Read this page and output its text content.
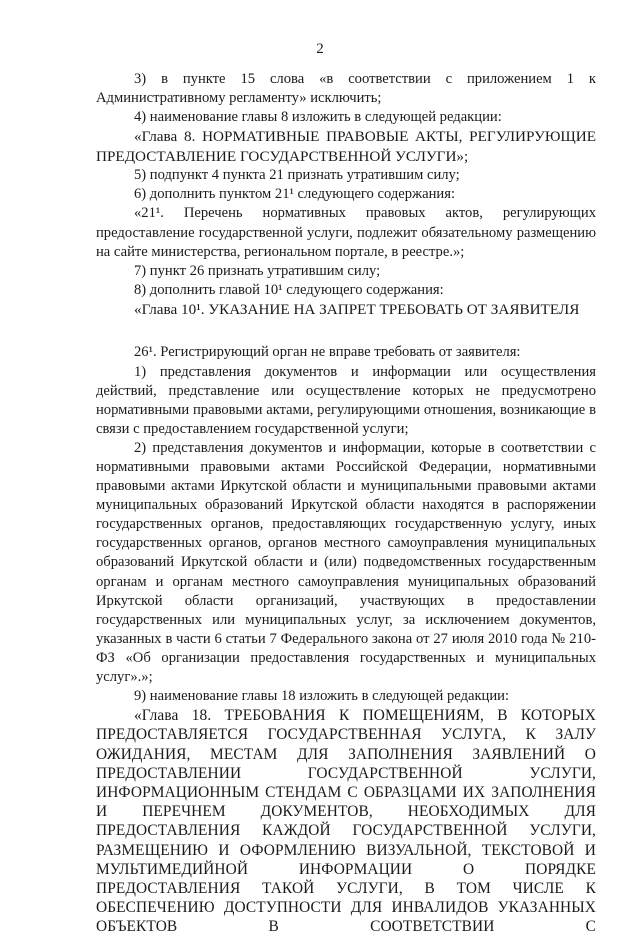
2

3) в пункте 15 слова «в соответствии с приложением 1 к Административному регламенту» исключить;

4) наименование главы 8 изложить в следующей редакции:

«Глава 8. НОРМАТИВНЫЕ ПРАВОВЫЕ АКТЫ, РЕГУЛИРУЮЩИЕ ПРЕДОСТАВЛЕНИЕ ГОСУДАРСТВЕННОЙ УСЛУГИ»;

5) подпункт 4 пункта 21 признать утратившим силу;

6) дополнить пунктом 21¹ следующего содержания:

«21¹. Перечень нормативных правовых актов, регулирующих предоставление государственной услуги, подлежит обязательному размещению на сайте министерства, региональном портале, в реестре.»;

7) пункт 26 признать утратившим силу;

8) дополнить главой 10¹ следующего содержания:

«Глава 10¹. УКАЗАНИЕ НА ЗАПРЕТ ТРЕБОВАТЬ ОТ ЗАЯВИТЕЛЯ

26¹. Регистрирующий орган не вправе требовать от заявителя:

1) представления документов и информации или осуществления действий, представление или осуществление которых не предусмотрено нормативными правовыми актами, регулирующими отношения, возникающие в связи с предоставлением государственной услуги;

2) представления документов и информации, которые в соответствии с нормативными правовыми актами Российской Федерации, нормативными правовыми актами Иркутской области и муниципальными правовыми актами муниципальных образований Иркутской области находятся в распоряжении государственных органов, предоставляющих государственную услугу, иных государственных органов, органов местного самоуправления муниципальных образований Иркутской области и (или) подведомственных государственным органам и органам местного самоуправления муниципальных образований Иркутской области организаций, участвующих в предоставлении государственных или муниципальных услуг, за исключением документов, указанных в части 6 статьи 7 Федерального закона от 27 июля 2010 года № 210-ФЗ «Об организации предоставления государственных и муниципальных услуг».»;

9) наименование главы 18 изложить в следующей редакции:

«Глава 18. ТРЕБОВАНИЯ К ПОМЕЩЕНИЯМ, В КОТОРЫХ ПРЕДОСТАВЛЯЕТСЯ ГОСУДАРСТВЕННАЯ УСЛУГА, К ЗАЛУ ОЖИДАНИЯ, МЕСТАМ ДЛЯ ЗАПОЛНЕНИЯ ЗАЯВЛЕНИЙ О ПРЕДОСТАВЛЕНИИ ГОСУДАРСТВЕННОЙ УСЛУГИ, ИНФОРМАЦИОННЫМ СТЕНДАМ С ОБРАЗЦАМИ ИХ ЗАПОЛНЕНИЯ И ПЕРЕЧНЕМ ДОКУМЕНТОВ, НЕОБХОДИМЫХ ДЛЯ ПРЕДОСТАВЛЕНИЯ КАЖДОЙ ГОСУДАРСТВЕННОЙ УСЛУГИ, РАЗМЕЩЕНИЮ И ОФОРМЛЕНИЮ ВИЗУАЛЬНОЙ, ТЕКСТОВОЙ И МУЛЬТИМЕДИЙНОЙ ИНФОРМАЦИИ О ПОРЯДКЕ ПРЕДОСТАВЛЕНИЯ ТАКОЙ УСЛУГИ, В ТОМ ЧИСЛЕ К ОБЕСПЕЧЕНИЮ ДОСТУПНОСТИ ДЛЯ ИНВАЛИДОВ УКАЗАННЫХ ОБЪЕКТОВ В СООТВЕТСТВИИ С
